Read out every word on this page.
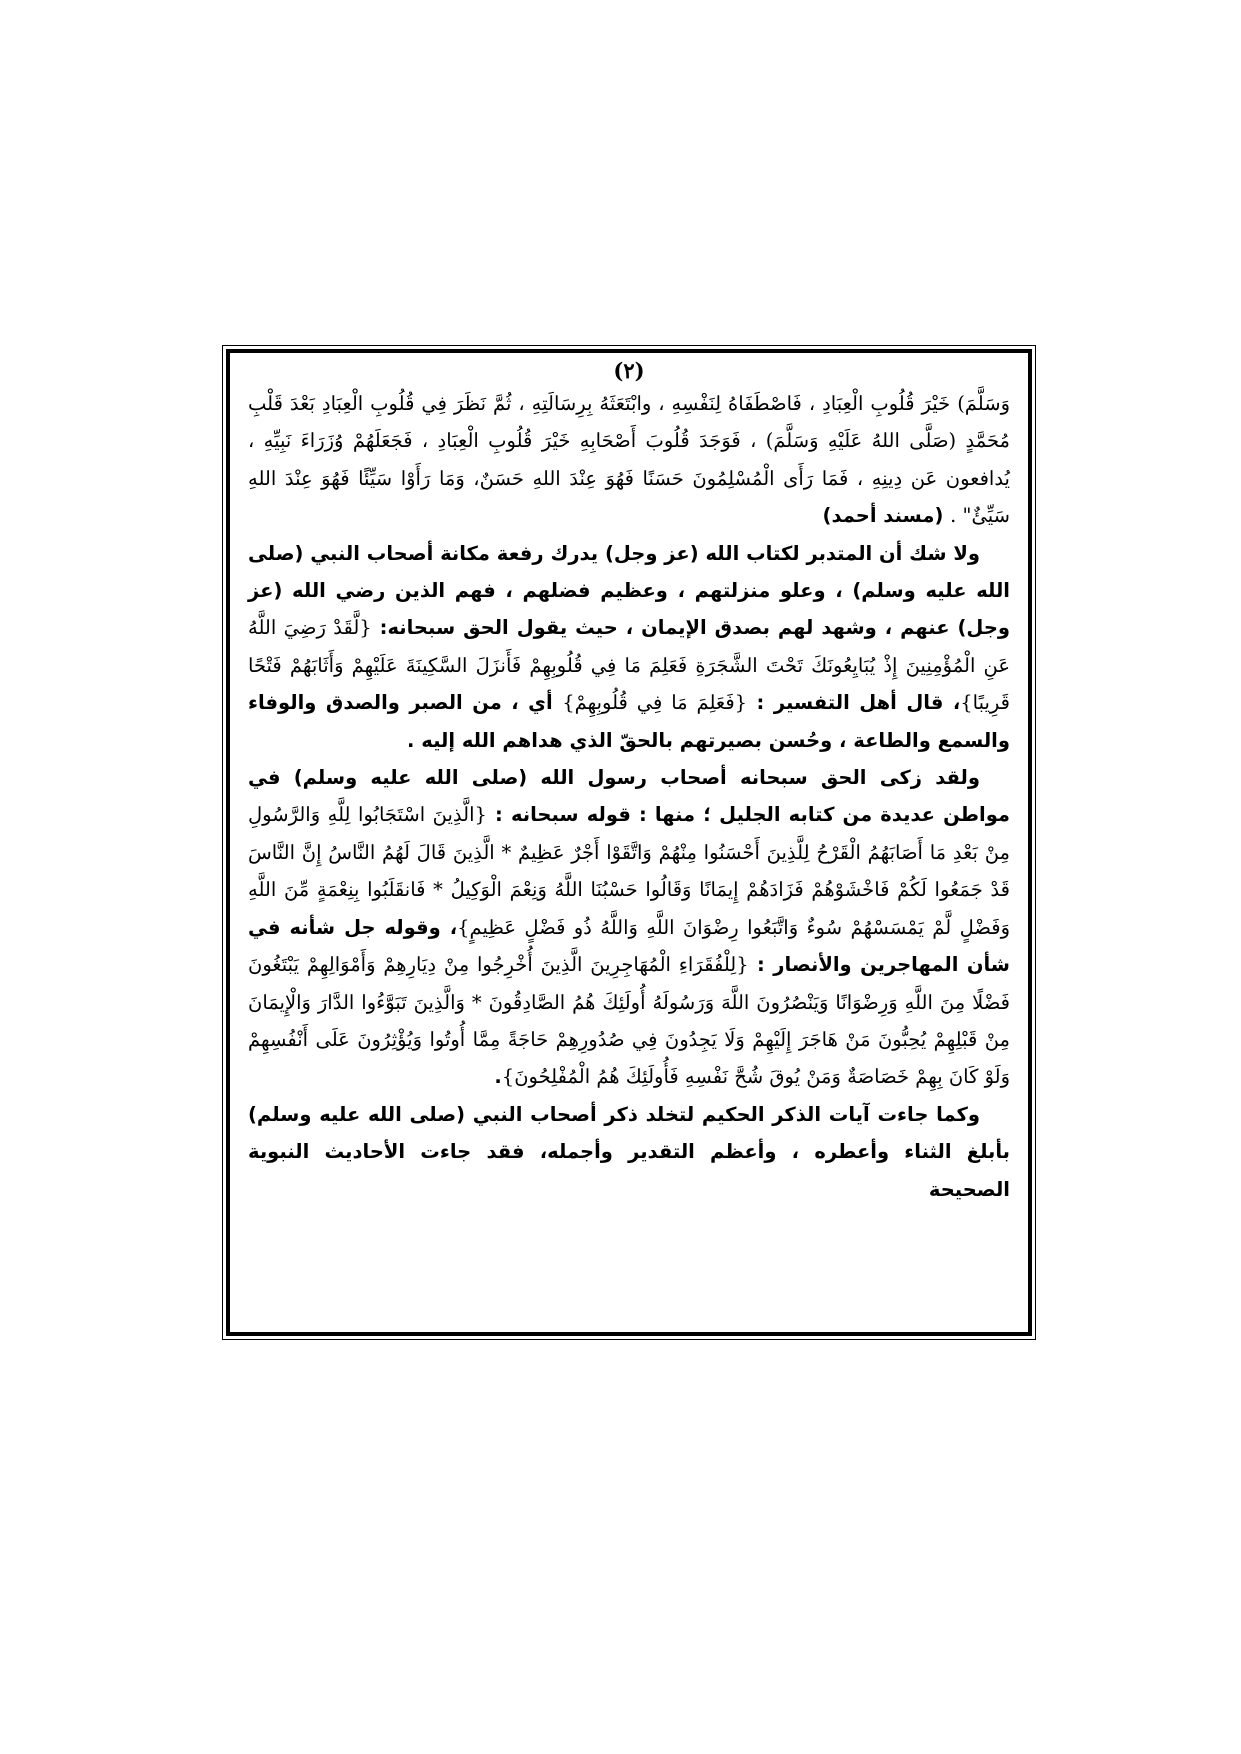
(٢)

وَسَلَّمَ) خَيْرَ قُلُوبِ الْعِبَادِ ، فَاصْطَفَاهُ لِنَفْسِهِ ، وابْتَعَثَهُ بِرِسَالَتِهِ ، ثُمَّ نَظَرَ فِي قُلُوبِ الْعِبَادِ بَعْدَ قَلْبِ مُحَمَّدٍ (صَلَّى اللهُ عَلَيْهِ وَسَلَّمَ) ، فَوَجَدَ قُلُوبَ أَصْحَابِهِ خَيْرَ قُلُوبِ الْعِبَادِ ، فَجَعَلَهُمْ وُزَرَاءَ نَبِيِّهِ ، يُدافعون عَن دِينِهِ ، فَمَا رَأَى الْمُسْلِمُونَ حَسَنًا فَهُوَ عِنْدَ اللهِ حَسَنٌ، وَمَا رَأَوْا سَيِّئًا فَهُوَ عِنْدَ اللهِ سَيِّئٌ" . (مسند أحمد)

ولا شك أن المتدبر لكتاب الله (عز وجل) يدرك رفعة مكانة أصحاب النبي (صلى الله عليه وسلم) ، وعلو منزلتهم ، وعظيم فضلهم ، فهم الذين رضي الله (عز وجل) عنهم ، وشهد لهم بصدق الإيمان ، حيث يقول الحق سبحانه: {لَّقَدْ رَضِيَ اللَّهُ عَنِ الْمُؤْمِنِينَ إِذْ يُبَايِعُونَكَ تَحْتَ الشَّجَرَةِ فَعَلِمَ مَا فِي قُلُوبِهِمْ فَأَنزَلَ السَّكِينَةَ عَلَيْهِمْ وَأَثَابَهُمْ فَتْحًا قَرِيبًا}، قال أهل التفسير : {فَعَلِمَ مَا فِي قُلُوبِهِمْ} أي ، من الصبر والصدق والوفاء والسمع والطاعة ، وحُسن بصيرتهم بالحقّ الذي هداهم الله إليه .

ولقد زكى الحق سبحانه أصحاب رسول الله (صلى الله عليه وسلم) في مواطن عديدة من كتابه الجليل ؛ منها : قوله سبحانه : {الَّذِينَ اسْتَجَابُوا لِلَّهِ وَالرَّسُولِ مِنْ بَعْدِ مَا أَصَابَهُمُ الْقَرْحُ لِلَّذِينَ أَحْسَنُوا مِنْهُمْ وَاتَّقَوْا أَجْرٌ عَظِيمٌ * الَّذِينَ قَالَ لَهُمُ النَّاسُ إِنَّ النَّاسَ قَدْ جَمَعُوا لَكُمْ فَاخْشَوْهُمْ فَزَادَهُمْ إِيمَانًا وَقَالُوا حَسْبُنَا اللَّهُ وَنِعْمَ الْوَكِيلُ * فَانقَلَبُوا بِنِعْمَةٍ مِّنَ اللَّهِ وَفَضْلٍ لَّمْ يَمْسَسْهُمْ سُوءٌ وَاتَّبَعُوا رِضْوَانَ اللَّهِ وَاللَّهُ ذُو فَضْلٍ عَظِيمٍ}، وقوله جل شأنه في شأن المهاجرين والأنصار : {لِلْفُقَرَاءِ الْمُهَاجِرِينَ الَّذِينَ أُخْرِجُوا مِنْ دِيَارِهِمْ وَأَمْوَالِهِمْ يَبْتَغُونَ فَضْلًا مِنَ اللَّهِ وَرِضْوَانًا وَيَنْصُرُونَ اللَّهَ وَرَسُولَهُ أُولَئِكَ هُمُ الصَّادِقُونَ * وَالَّذِينَ تَبَوَّءُوا الدَّارَ وَالْإِيمَانَ مِنْ قَبْلِهِمْ يُحِبُّونَ مَنْ هَاجَرَ إِلَيْهِمْ وَلَا يَجِدُونَ فِي صُدُورِهِمْ حَاجَةً مِمَّا أُوتُوا وَيُؤْثِرُونَ عَلَى أَنْفُسِهِمْ وَلَوْ كَانَ بِهِمْ خَصَاصَةٌ وَمَنْ يُوقَ شُحَّ نَفْسِهِ فَأُولَئِكَ هُمُ الْمُفْلِحُونَ}.

وكما جاءت آيات الذكر الحكيم لتخلد ذكر أصحاب النبي (صلى الله عليه وسلم) بأبلغ الثناء وأعطره ، وأعظم التقدير وأجمله، فقد جاءت الأحاديث النبوية الصحيحة
